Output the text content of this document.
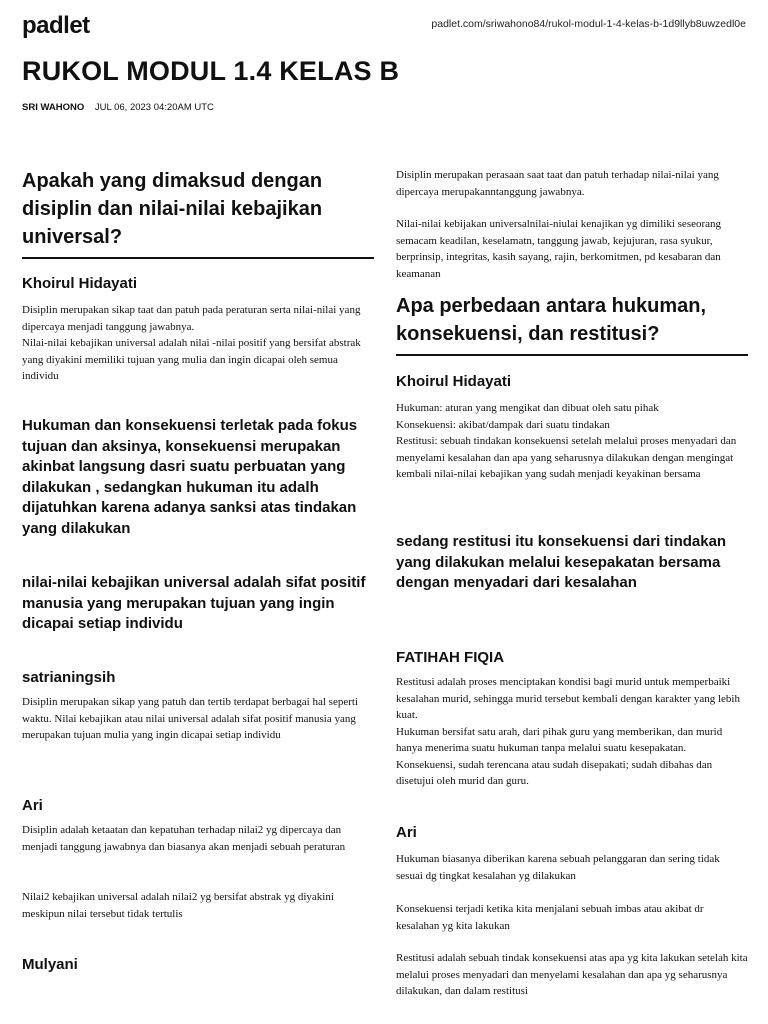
padlet	padlet.com/sriwahono84/rukol-modul-1-4-kelas-b-1d9llyb8uwzedl0e
RUKOL MODUL 1.4 KELAS B
SRI WAHONO JUL 06, 2023 04:20AM UTC
Apakah yang dimaksud dengan disiplin dan nilai-nilai kebajikan universal?
Khoirul Hidayati

Disiplin merupakan sikap taat dan patuh pada peraturan serta nilai-nilai yang dipercaya menjadi tanggung jawabnya.
Nilai-nilai kebajikan universal adalah nilai -nilai positif yang bersifat abstrak yang diyakini memiliki tujuan yang mulia dan ingin dicapai oleh semua individu

Hukuman dan konsekuensi terletak pada fokus tujuan dan aksinya, konsekuensi merupakan akinbat langsung dasri suatu perbuatan yang dilakukan , sedangkan hukuman itu adalh dijatuhkan karena adanya sanksi atas tindakan yang dilakukan

nilai-nilai kebajikan universal adalah sifat positif manusia yang merupakan tujuan yang ingin dicapai setiap individu

satrianingsih

Disiplin merupakan sikap yang patuh dan tertib terdapat berbagai hal seperti waktu. Nilai kebajikan atau nilai universal adalah sifat positif manusia yang merupakan tujuan mulia yang ingin dicapai setiap individu

Ari

Disiplin adalah ketaatan dan kepatuhan terhadap nilai2 yg dipercaya dan menjadi tanggung jawabnya dan biasanya akan menjadi sebuah peraturan

Nilai2 kebajikan universal adalah nilai2 yg bersifat abstrak yg diyakini meskipun nilai tersebut tidak tertulis

Mulyani

Disiplin merupakan perasaan saat taat dan patuh terhadap nilai-nilai yang dipercaya merupakanntanggung jawabnya.

Nilai-nilai kebijakan universalnilai-niulai kenajikan yg dimiliki seseorang semacam keadilan, keselamatn, tanggung jawab, kejujuran, rasa syukur, berprinsip, integritas, kasih sayang, rajin, berkomitmen, pd kesabaran dan keamanan

Apa perbedaan antara hukuman, konsekuensi, dan restitusi?
Khoirul Hidayati

Hukuman: aturan yang mengikat dan dibuat oleh satu pihak
Konsekuensi: akibat/dampak dari suatu tindakan
Restitusi: sebuah tindakan konsekuensi setelah melalui proses menyadari dan menyelami kesalahan dan apa yang seharusnya dilakukan dengan mengingat kembali nilai-nilai kebajikan yang sudah menjadi keyakinan bersama

sedang restitusi itu konsekuensi dari tindakan yang dilakukan melalui kesepakatan bersama dengan menyadari dari kesalahan

FATIHAH FIQIA

Restitusi adalah proses menciptakan kondisi bagi murid untuk memperbaiki kesalahan murid, sehingga murid tersebut kembali dengan karakter yang lebih kuat.
Hukuman bersifat satu arah, dari pihak guru yang memberikan, dan murid hanya menerima suatu hukuman tanpa melalui suatu kesepakatan. Konsekuensi, sudah terencana atau sudah disepakati; sudah dibahas dan disetujui oleh murid dan guru.

Ari

Hukuman biasanya diberikan karena sebuah pelanggaran dan sering tidak sesuai dg tingkat kesalahan yg dilakukan

Konsekuensi terjadi ketika kita menjalani sebuah imbas atau akibat dr kesalahan yg kita lakukan

Restitusi adalah sebuah tindak konsekuensi atas apa yg kita lakukan setelah kita melalui proses menyadari dan menyelami kesalahan dan apa yg seharusnya dilakukan, dan dalam restitusi
